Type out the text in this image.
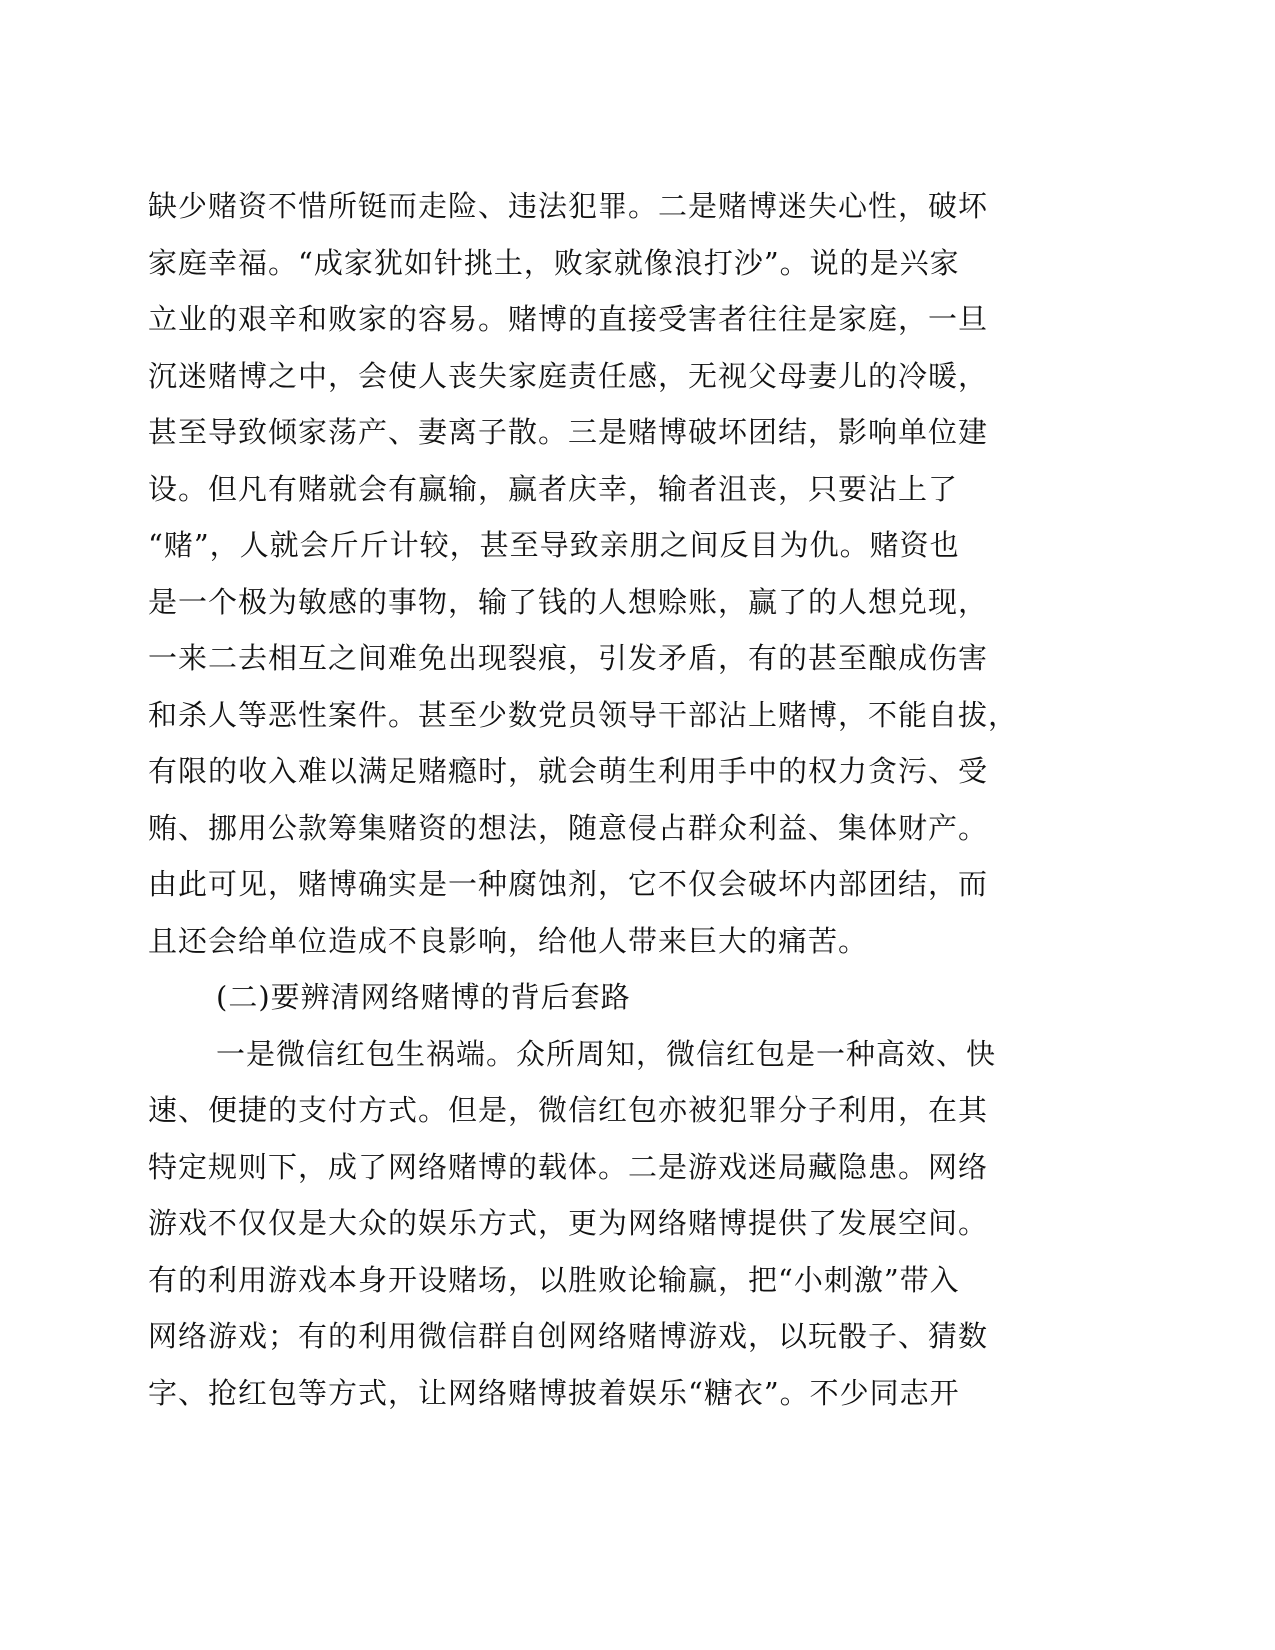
缺少赌资不惜所铤而走险、违法犯罪。二是赌博迷失心性，破坏
家庭幸福。“成家犹如针挑土，败家就像浪打沙”。说的是兴家
立业的艰辛和败家的容易。赌博的直接受害者往往是家庭，一旦
沉迷赌博之中，会使人丧失家庭责任感，无视父母妻儿的冷暖，
甚至导致倾家荡产、妻离子散。三是赌博破坏团结，影响单位建
设。但凡有赌就会有赢输，赢者庆幸，输者沮丧，只要沾上了
“赌”，人就会斤斤计较，甚至导致亲朋之间反目为仇。赌资也
是一个极为敏感的事物，输了钱的人想赊账，赢了的人想兑现，
一来二去相互之间难免出现裂痕，引发矛盾，有的甚至酿成伤害
和杀人等恶性案件。甚至少数党员领导干部沾上赌博，不能自拔，
有限的收入难以满足赌瘾时，就会萌生利用手中的权力贪污、受
贿、挪用公款筹集赌资的想法，随意侵占群众利益、集体财产。
由此可见，赌博确实是一种腐蚀剂，它不仅会破坏内部团结，而
且还会给单位造成不良影响，给他人带来巨大的痛苦。
(二)要辨清网络赌博的背后套路
一是微信红包生祸端。众所周知，微信红包是一种高效、快
速、便捷的支付方式。但是，微信红包亦被犯罪分子利用，在其
特定规则下，成了网络赌博的载体。二是游戏迷局藏隐患。网络
游戏不仅仅是大众的娱乐方式，更为网络赌博提供了发展空间。
有的利用游戏本身开设赌场，以胜败论输赢，把“小刺激”带入
网络游戏；有的利用微信群自创网络赌博游戏，以玩骰子、猜数
字、抢红包等方式，让网络赌博披着娱乐“糖衣”。不少同志开
